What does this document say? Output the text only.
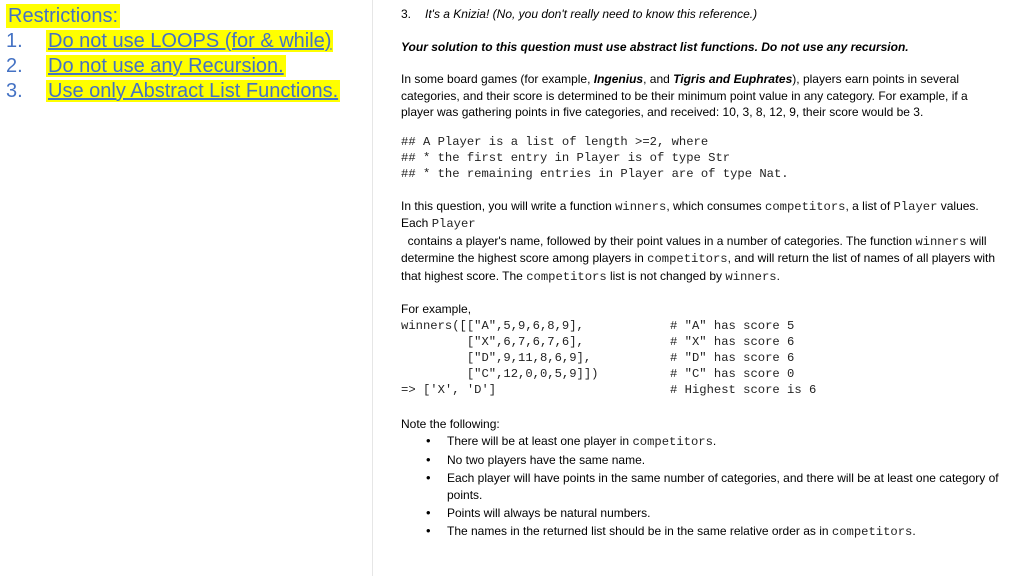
Restrictions:
1. Do not use LOOPS (for & while)
2. Do not use any Recursion.
3. Use only Abstract List Functions.

3. It's a Knizia! (No, you don't really need to know this reference.)

Your solution to this question must use abstract list functions. Do not use any recursion.

In some board games (for example, Ingenius, and Tigris and Euphrates), players earn points in several categories, and their score is determined to be their minimum point value in any category. For example, if a player was gathering points in five categories, and received: 10, 3, 8, 12, 9, their score would be 3.

## A Player is a list of length >=2, where
## * the first entry in Player is of type Str
## * the remaining entries in Player are of type Nat.

In this question, you will write a function winners, which consumes competitors, a list of Player values. Each Player  contains a player's name, followed by their point values in a number of categories. The function winners will determine the highest score among players in competitors, and will return the list of names of all players with that highest score. The competitors list is not changed by winners.

For example,

winners([["A",5,9,6,8,9],
["X",6,7,6,7,6],
["D",9,11,8,6,9],
["C",12,0,0,5,9]])
=> ['X', 'D']
# "A" has score 5
# "X" has score 6
# "D" has score 6
# "C" has score 0
# Highest score is 6

Note the following:

• There will be at least one player in competitors.
• No two players have the same name.
• Each player will have points in the same number of categories, and there will be at least one category of points.
• Points will always be natural numbers.
• The names in the returned list should be in the same relative order as in competitors.
